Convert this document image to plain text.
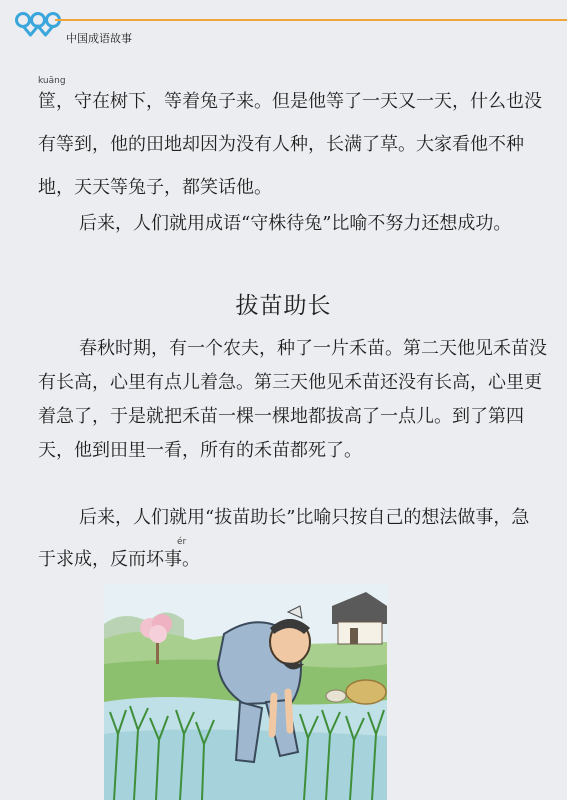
中国成语故事
kuāng
筐，守在树下，等着兔子来。但是他等了一天又一天，什么也没
有等到，他的田地却因为没有人种，长满了草。大家看他不种
地，天天等兔子，都笑话他。
后来，人们就用成语“守株待兔”比喻不努力还想成功。
拔苗助长
春秋时期，有一个农夫，种了一片禾苗。第二天他见禾苗没
有长高，心里有点儿着急。第三天他见禾苗还没有长高，心里更
着急了，于是就把禾苗一棵一棵地都拔高了一点儿。到了第四
天，他到田里一看，所有的禾苗都死了。
后来，人们就用“拔苗助长”比喻只按自己的想法做事，急
ér
于求成，反而坏事。
